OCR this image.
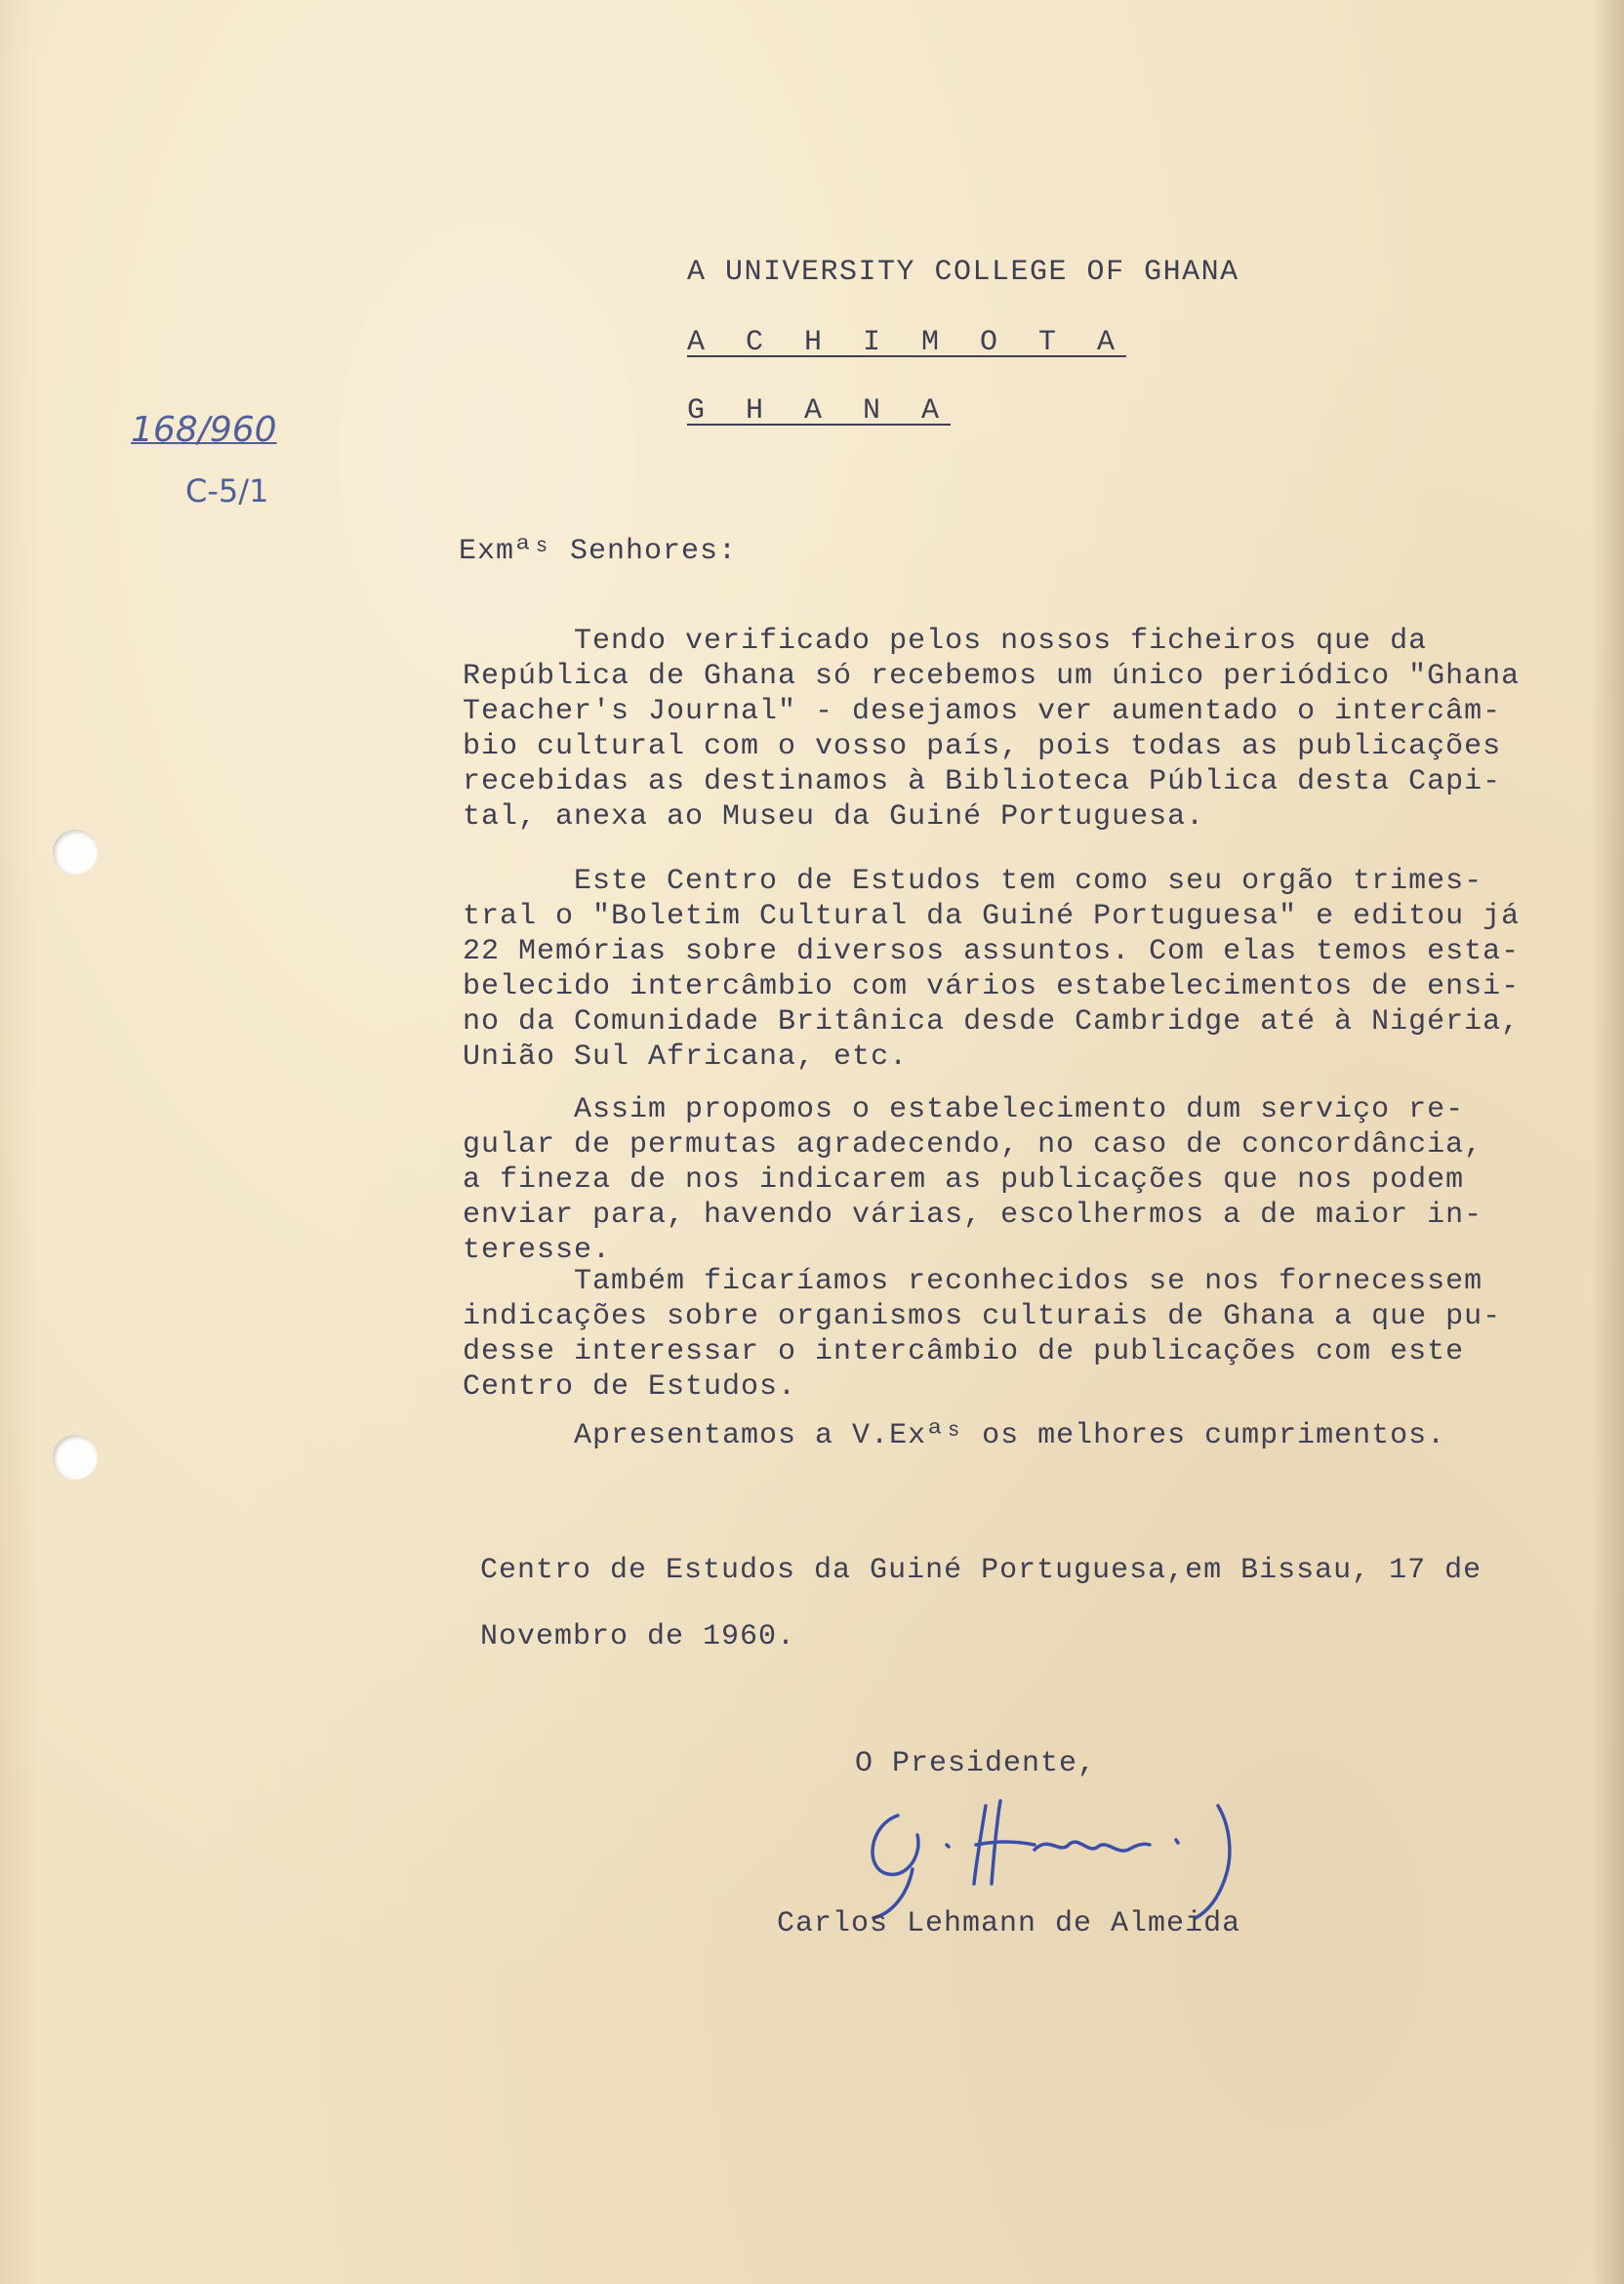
A UNIVERSITY COLLEGE OF GHANA
A C H I M O T A
G H A N A
168/960
C-5/1
Exmªˢ Senhores:
Tendo verificado pelos nossos ficheiros que da
República de Ghana só recebemos um único periódico "Ghana
Teacher's Journal" - desejamos ver aumentado o intercâm-
bio cultural com o vosso país, pois todas as publicações
recebidas as destinamos à Biblioteca Pública desta Capi-
tal, anexa ao Museu da Guiné Portuguesa.
Este Centro de Estudos tem como seu orgão trimes-
tral o "Boletim Cultural da Guiné Portuguesa" e editou já
22 Memórias sobre diversos assuntos. Com elas temos esta-
belecido intercâmbio com vários estabelecimentos de ensi-
no da Comunidade Britânica desde Cambridge até à Nigéria,
União Sul Africana, etc.
Assim propomos o estabelecimento dum serviço re-
gular de permutas agradecendo, no caso de concordância,
a fineza de nos indicarem as publicações que nos podem
enviar para, havendo várias, escolhermos a de maior in-
teresse.
Também ficaríamos reconhecidos se nos fornecessem
indicações sobre organismos culturais de Ghana a que pu-
desse interessar o intercâmbio de publicações com este
Centro de Estudos.
Apresentamos a V.Exªˢ os melhores cumprimentos.
Centro de Estudos da Guiné Portuguesa,em Bissau, 17 de
Novembro de 1960.
O Presidente,
Carlos Lehmann de Almeida
